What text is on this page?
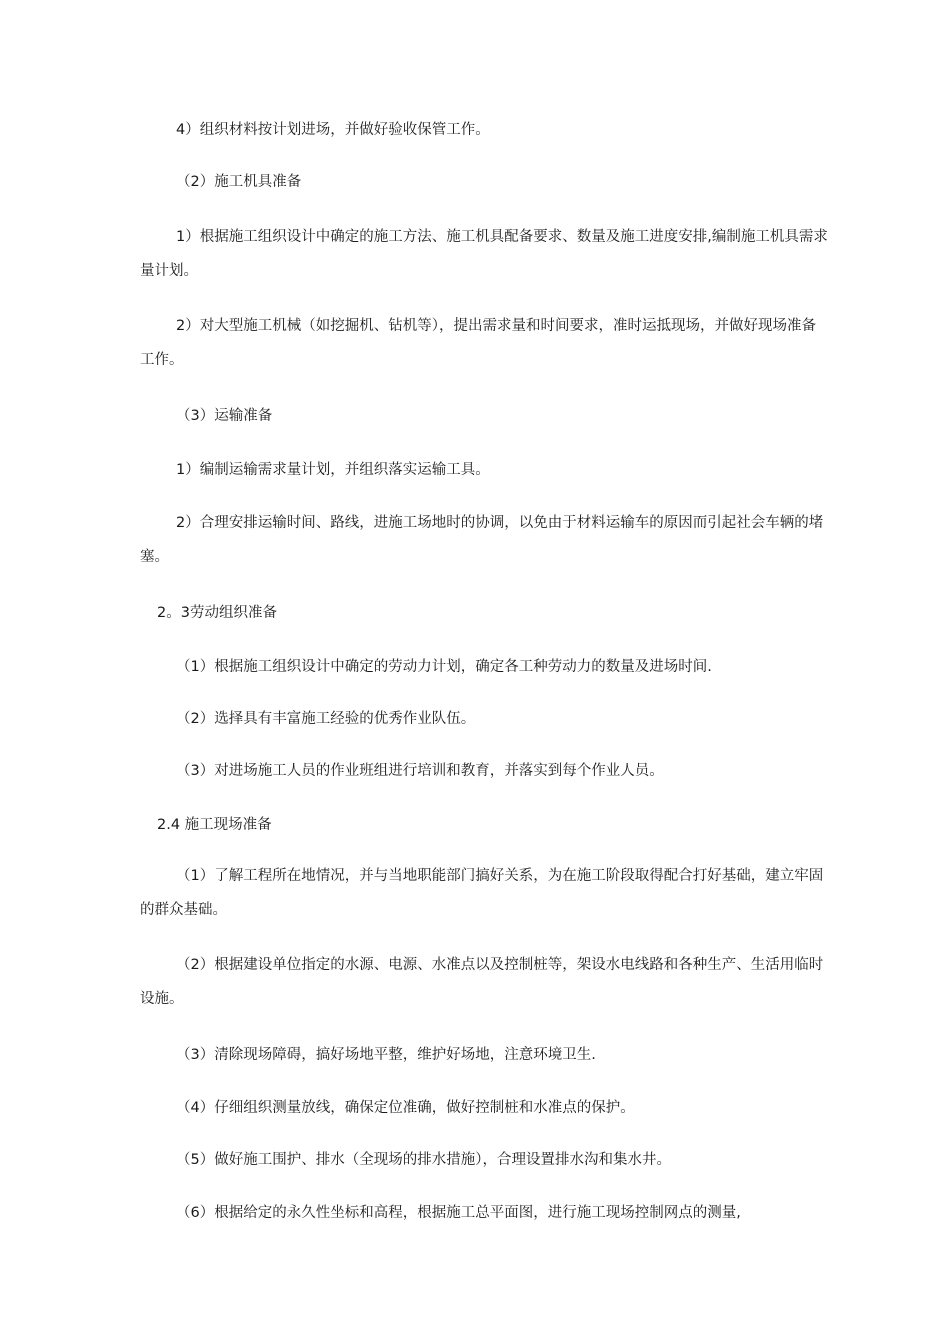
4）组织材料按计划进场，并做好验收保管工作。

（2）施工机具准备

1）根据施工组织设计中确定的施工方法、施工机具配备要求、数量及施工进度安排,编制施工机具需求量计划。

2）对大型施工机械（如挖掘机、钻机等），提出需求量和时间要求，准时运抵现场，并做好现场准备工作。

（3）运输准备

1）编制运输需求量计划，并组织落实运输工具。

2）合理安排运输时间、路线，进施工场地时的协调，以免由于材料运输车的原因而引起社会车辆的堵塞。

2。3劳动组织准备

（1）根据施工组织设计中确定的劳动力计划，确定各工种劳动力的数量及进场时间.

（2）选择具有丰富施工经验的优秀作业队伍。

（3）对进场施工人员的作业班组进行培训和教育，并落实到每个作业人员。

2.4 施工现场准备

（1）了解工程所在地情况，并与当地职能部门搞好关系，为在施工阶段取得配合打好基础，建立牢固的群众基础。

（2）根据建设单位指定的水源、电源、水准点以及控制桩等，架设水电线路和各种生产、生活用临时设施。

（3）清除现场障碍，搞好场地平整，维护好场地，注意环境卫生.

（4）仔细组织测量放线，确保定位准确，做好控制桩和水准点的保护。

（5）做好施工围护、排水（全现场的排水措施），合理设置排水沟和集水井。

（6）根据给定的永久性坐标和高程，根据施工总平面图，进行施工现场控制网点的测量,
